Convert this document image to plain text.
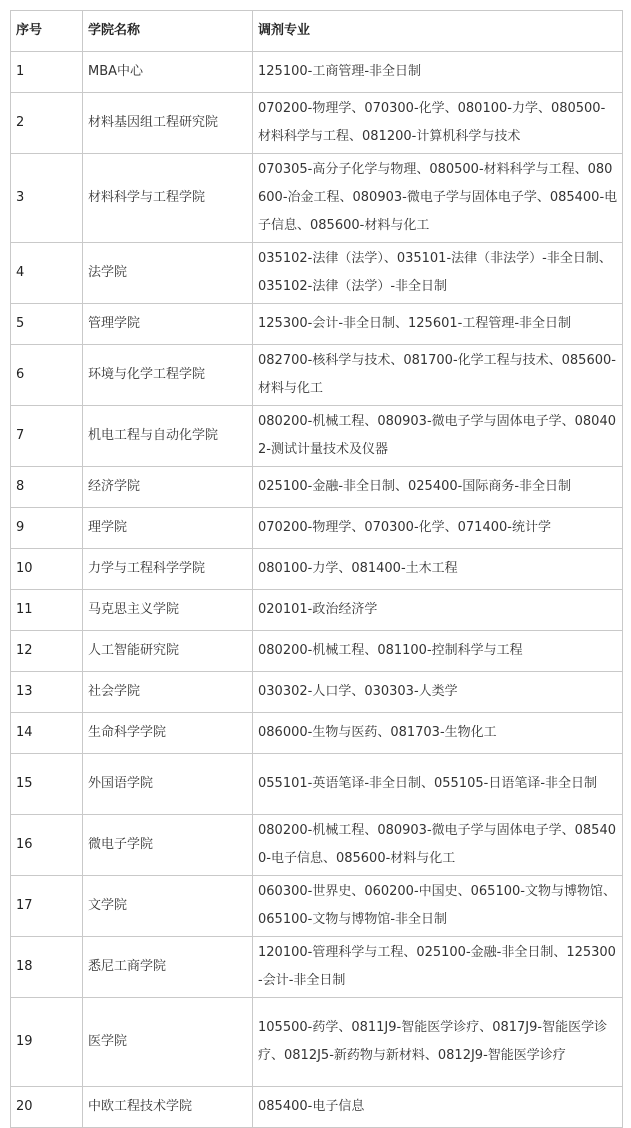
序号	学院名称	调剂专业
1	MBA中心	125100-工商管理-非全日制
2	材料基因组工程研究院	070200-物理学、070300-化学、080100-力学、080500-材料科学与工程、081200-计算机科学与技术
3	材料科学与工程学院	070305-高分子化学与物理、080500-材料科学与工程、080600-冶金工程、080903-微电子学与固体电子学、085400-电子信息、085600-材料与化工
4	法学院	035102-法律（法学）、035101-法律（非法学）-非全日制、035102-法律（法学）-非全日制
5	管理学院	125300-会计-非全日制、125601-工程管理-非全日制
6	环境与化学工程学院	082700-核科学与技术、081700-化学工程与技术、085600-材料与化工
7	机电工程与自动化学院	080200-机械工程、080903-微电子学与固体电子学、080402-测试计量技术及仪器
8	经济学院	025100-金融-非全日制、025400-国际商务-非全日制
9	理学院	070200-物理学、070300-化学、071400-统计学
10	力学与工程科学学院	080100-力学、081400-土木工程
11	马克思主义学院	020101-政治经济学
12	人工智能研究院	080200-机械工程、081100-控制科学与工程
13	社会学院	030302-人口学、030303-人类学
14	生命科学学院	086000-生物与医药、081703-生物化工
15	外国语学院	055101-英语笔译-非全日制、055105-日语笔译-非全日制
16	微电子学院	080200-机械工程、080903-微电子学与固体电子学、085400-电子信息、085600-材料与化工
17	文学院	060300-世界史、060200-中国史、065100-文物与博物馆、065100-文物与博物馆-非全日制
18	悉尼工商学院	120100-管理科学与工程、025100-金融-非全日制、125300-会计-非全日制
19	医学院	105500-药学、0811J9-智能医学诊疗、0817J9-智能医学诊疗、0812J5-新药物与新材料、0812J9-智能医学诊疗
20	中欧工程技术学院	085400-电子信息
